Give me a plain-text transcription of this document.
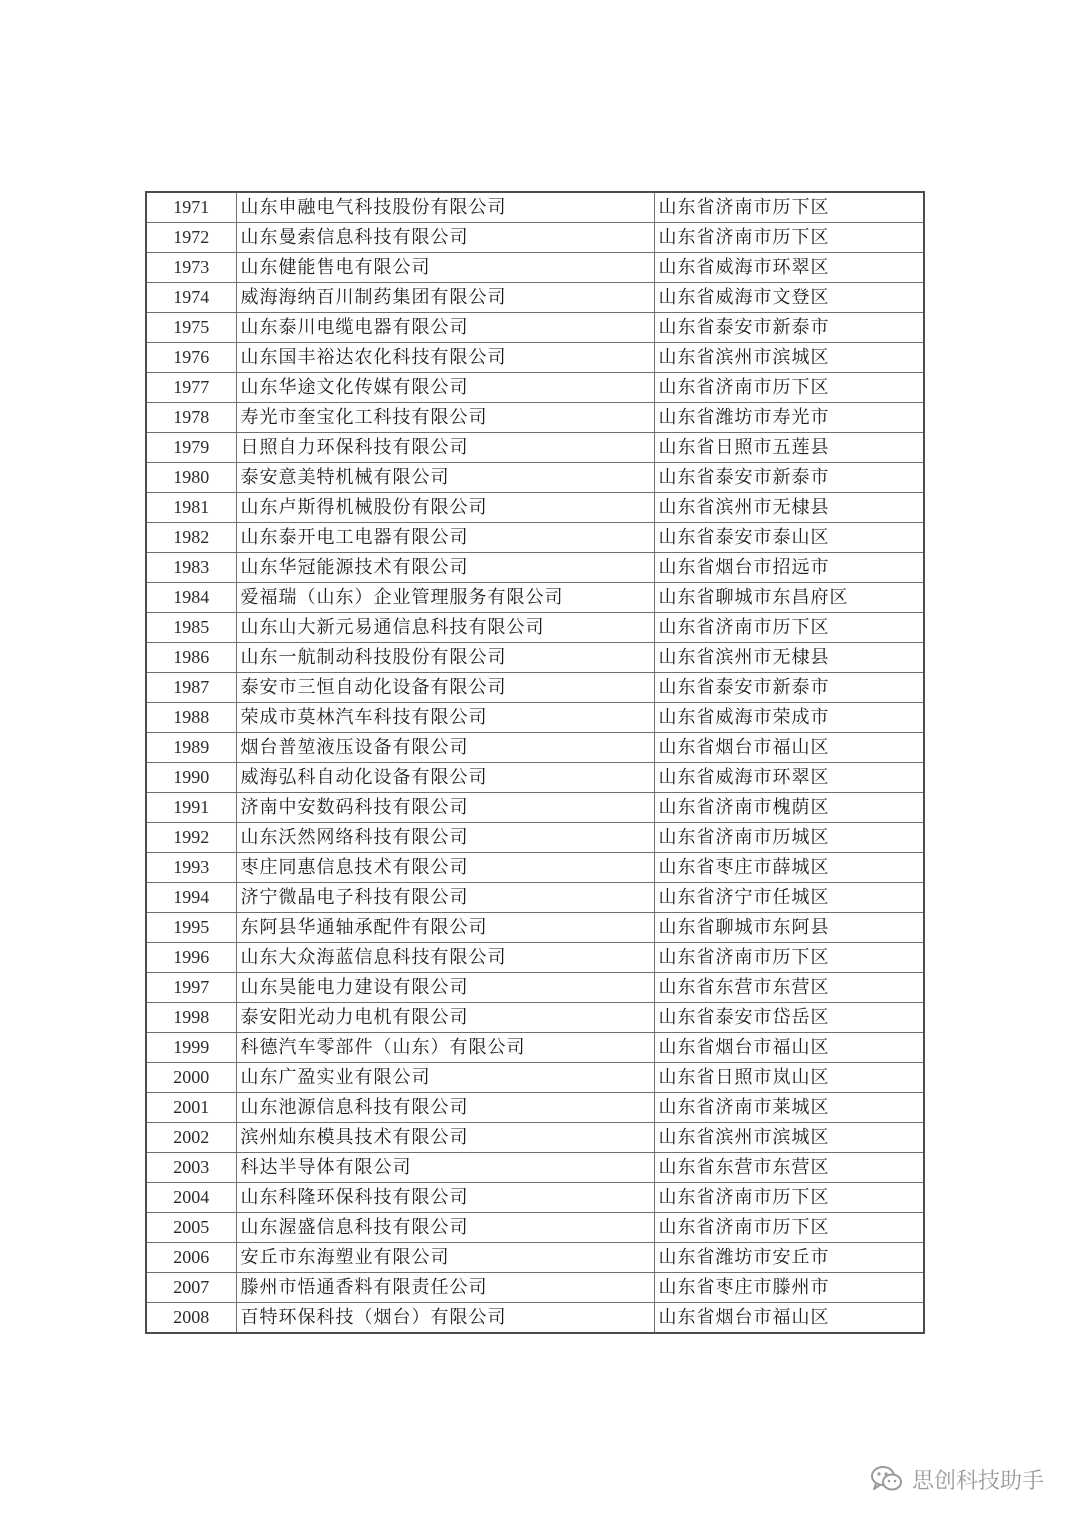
1971	山东申融电气科技股份有限公司	山东省济南市历下区
1972	山东曼索信息科技有限公司	山东省济南市历下区
1973	山东健能售电有限公司	山东省威海市环翠区
1974	威海海纳百川制药集团有限公司	山东省威海市文登区
1975	山东泰川电缆电器有限公司	山东省泰安市新泰市
1976	山东国丰裕达农化科技有限公司	山东省滨州市滨城区
1977	山东华途文化传媒有限公司	山东省济南市历下区
1978	寿光市奎宝化工科技有限公司	山东省潍坊市寿光市
1979	日照自力环保科技有限公司	山东省日照市五莲县
1980	泰安意美特机械有限公司	山东省泰安市新泰市
1981	山东卢斯得机械股份有限公司	山东省滨州市无棣县
1982	山东泰开电工电器有限公司	山东省泰安市泰山区
1983	山东华冠能源技术有限公司	山东省烟台市招远市
1984	爱福瑞（山东）企业管理服务有限公司	山东省聊城市东昌府区
1985	山东山大新元易通信息科技有限公司	山东省济南市历下区
1986	山东一航制动科技股份有限公司	山东省滨州市无棣县
1987	泰安市三恒自动化设备有限公司	山东省泰安市新泰市
1988	荣成市莫林汽车科技有限公司	山东省威海市荣成市
1989	烟台普堃液压设备有限公司	山东省烟台市福山区
1990	威海弘科自动化设备有限公司	山东省威海市环翠区
1991	济南中安数码科技有限公司	山东省济南市槐荫区
1992	山东沃然网络科技有限公司	山东省济南市历城区
1993	枣庄同惠信息技术有限公司	山东省枣庄市薛城区
1994	济宁微晶电子科技有限公司	山东省济宁市任城区
1995	东阿县华通轴承配件有限公司	山东省聊城市东阿县
1996	山东大众海蓝信息科技有限公司	山东省济南市历下区
1997	山东昊能电力建设有限公司	山东省东营市东营区
1998	泰安阳光动力电机有限公司	山东省泰安市岱岳区
1999	科德汽车零部件（山东）有限公司	山东省烟台市福山区
2000	山东广盈实业有限公司	山东省日照市岚山区
2001	山东池源信息科技有限公司	山东省济南市莱城区
2002	滨州灿东模具技术有限公司	山东省滨州市滨城区
2003	科达半导体有限公司	山东省东营市东营区
2004	山东科隆环保科技有限公司	山东省济南市历下区
2005	山东渥盛信息科技有限公司	山东省济南市历下区
2006	安丘市东海塑业有限公司	山东省潍坊市安丘市
2007	滕州市悟通香料有限责任公司	山东省枣庄市滕州市
2008	百特环保科技（烟台）有限公司	山东省烟台市福山区
思创科技助手
